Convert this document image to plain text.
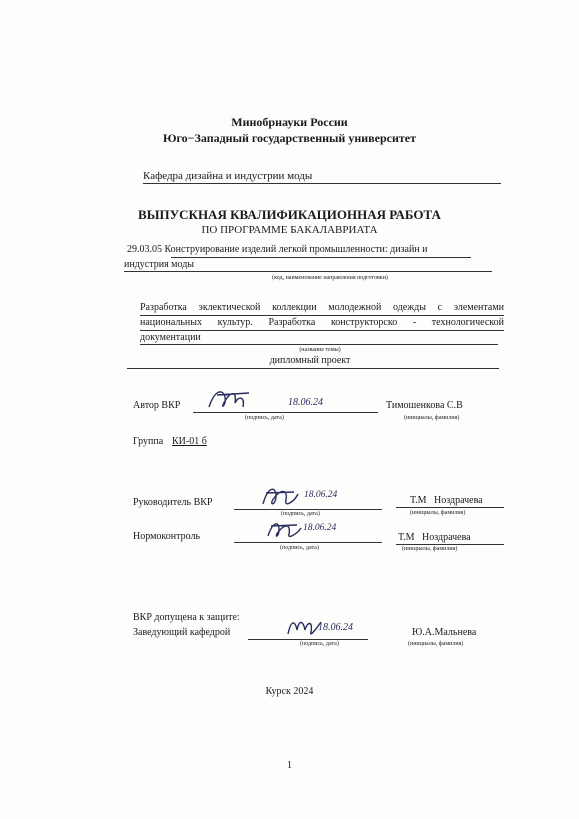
Минобрнауки России
Юго−Западный государственный университет
Кафедра дизайна и индустрии моды
ВЫПУСКНАЯ КВАЛИФИКАЦИОННАЯ РАБОТА
ПО ПРОГРАММЕ БАКАЛАВРИАТА
29.03.05 Конструирование изделий легкой промышленности: дизайн и
индустрия моды
(код, наименование направления подготовки)
Разработка эклектической коллекции молодежной одежды с элементами
национальных культур. Разработка конструкторско - технологической
документации
(название темы)
дипломный проект
Автор ВКР	18.06.24
(подпись, дата)
Тимошенкова С.В
(инициалы, фамилия)
Группа КИ-01 б
Руководитель ВКР
18.06.24
(подпись, дата)
Т.М   Ноздрачева
(инициалы, фамилия)
Нормоконтроль
18.06.24
(подпись, дата)
Т.М   Ноздрачева
(инициалы, фамилия)
ВКР допущена к защите:
Заведующий кафедрой	18.06.24
(подпись, дата)
Ю.А.Мальнева
(инициалы, фамилия)
Курск 2024
1
